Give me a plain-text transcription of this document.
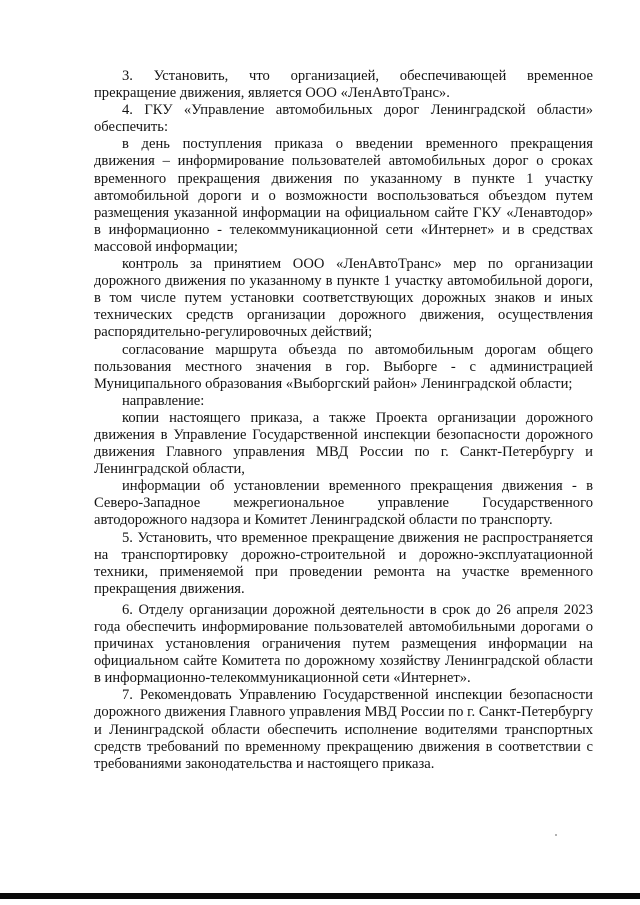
3. Установить, что организацией, обеспечивающей временное прекращение движения, является ООО «ЛенАвтоТранс».

4. ГКУ «Управление автомобильных дорог Ленинградской области» обеспечить:

в день поступления приказа о введении временного прекращения движения – информирование пользователей автомобильных дорог о сроках временного прекращения движения по указанному в пункте 1 участку автомобильной дороги и о возможности воспользоваться объездом путем размещения указанной информации на официальном сайте ГКУ «Ленавтодор» в информационно - телекоммуникационной сети «Интернет» и в средствах массовой информации;

контроль за принятием ООО «ЛенАвтоТранс» мер по организации дорожного движения по указанному в пункте 1 участку автомобильной дороги, в том числе путем установки соответствующих дорожных знаков и иных технических средств организации дорожного движения, осуществления распорядительно-регулировочных действий;

согласование маршрута объезда по автомобильным дорогам общего пользования местного значения в гор. Выборге - с администрацией Муниципального образования «Выборгский район» Ленинградской области;

направление:

копии настоящего приказа, а также Проекта организации дорожного движения в Управление Государственной инспекции безопасности дорожного движения Главного управления МВД России по г. Санкт-Петербургу и Ленинградской области,

информации об установлении временного прекращения движения - в Северо-Западное межрегиональное управление Государственного автодорожного надзора и Комитет Ленинградской области по транспорту.

5. Установить, что временное прекращение движения не распространяется на транспортировку дорожно-строительной и дорожно-эксплуатационной техники, применяемой при проведении ремонта на участке временного прекращения движения.

6. Отделу организации дорожной деятельности в срок до 26 апреля 2023 года обеспечить информирование пользователей автомобильными дорогами о причинах установления ограничения путем размещения информации на официальном сайте Комитета по дорожному хозяйству Ленинградской области в информационно-телекоммуникационной сети «Интернет».

7. Рекомендовать Управлению Государственной инспекции безопасности дорожного движения Главного управления МВД России по г. Санкт-Петербургу и Ленинградской области обеспечить исполнение водителями транспортных средств требований по временному прекращению движения в соответствии с требованиями законодательства и настоящего приказа.
